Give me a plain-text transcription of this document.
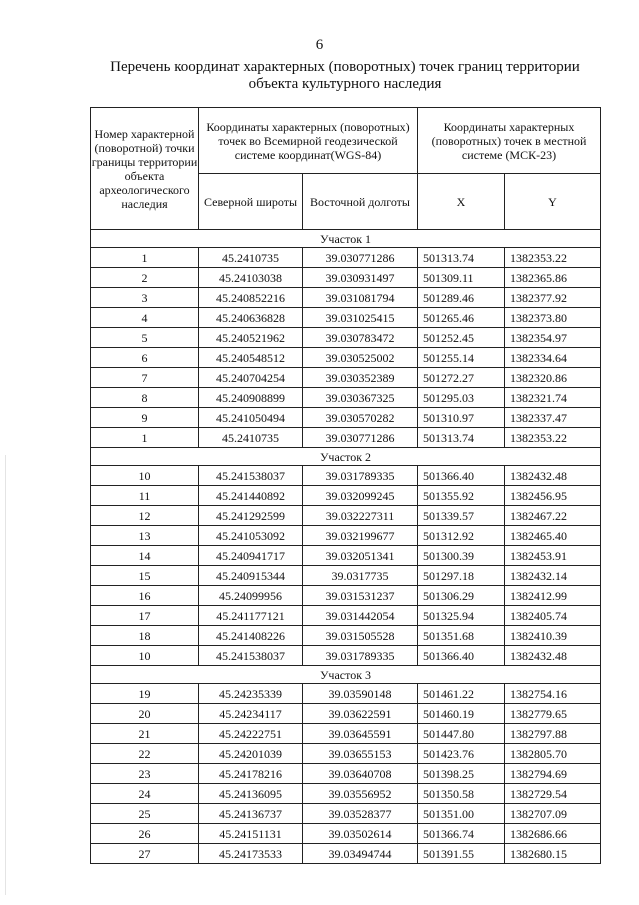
6
Перечень координат характерных (поворотных) точек границ территории
объекта культурного наследия
Номер характерной (поворотной) точки границы территории объекта археологического наследия	Координаты характерных (поворотных) точек во Всемирной геодезической системе координат(WGS-84)		Координаты характерных (поворотных) точек в местной системе (МСК-23)	
	Северной широты	Восточной долготы	X	Y
Участок 1				
1	45.2410735	39.030771286	501313.74	1382353.22
2	45.24103038	39.030931497	501309.11	1382365.86
3	45.240852216	39.031081794	501289.46	1382377.92
4	45.240636828	39.031025415	501265.46	1382373.80
5	45.240521962	39.030783472	501252.45	1382354.97
6	45.240548512	39.030525002	501255.14	1382334.64
7	45.240704254	39.030352389	501272.27	1382320.86
8	45.240908899	39.030367325	501295.03	1382321.74
9	45.241050494	39.030570282	501310.97	1382337.47
1	45.2410735	39.030771286	501313.74	1382353.22
Участок 2				
10	45.241538037	39.031789335	501366.40	1382432.48
11	45.241440892	39.032099245	501355.92	1382456.95
12	45.241292599	39.032227311	501339.57	1382467.22
13	45.241053092	39.032199677	501312.92	1382465.40
14	45.240941717	39.032051341	501300.39	1382453.91
15	45.240915344	39.0317735	501297.18	1382432.14
16	45.24099956	39.031531237	501306.29	1382412.99
17	45.241177121	39.031442054	501325.94	1382405.74
18	45.241408226	39.031505528	501351.68	1382410.39
10	45.241538037	39.031789335	501366.40	1382432.48
Участок 3				
19	45.24235339	39.03590148	501461.22	1382754.16
20	45.24234117	39.03622591	501460.19	1382779.65
21	45.24222751	39.03645591	501447.80	1382797.88
22	45.24201039	39.03655153	501423.76	1382805.70
23	45.24178216	39.03640708	501398.25	1382794.69
24	45.24136095	39.03556952	501350.58	1382729.54
25	45.24136737	39.03528377	501351.00	1382707.09
26	45.24151131	39.03502614	501366.74	1382686.66
27	45.24173533	39.03494744	501391.55	1382680.15
